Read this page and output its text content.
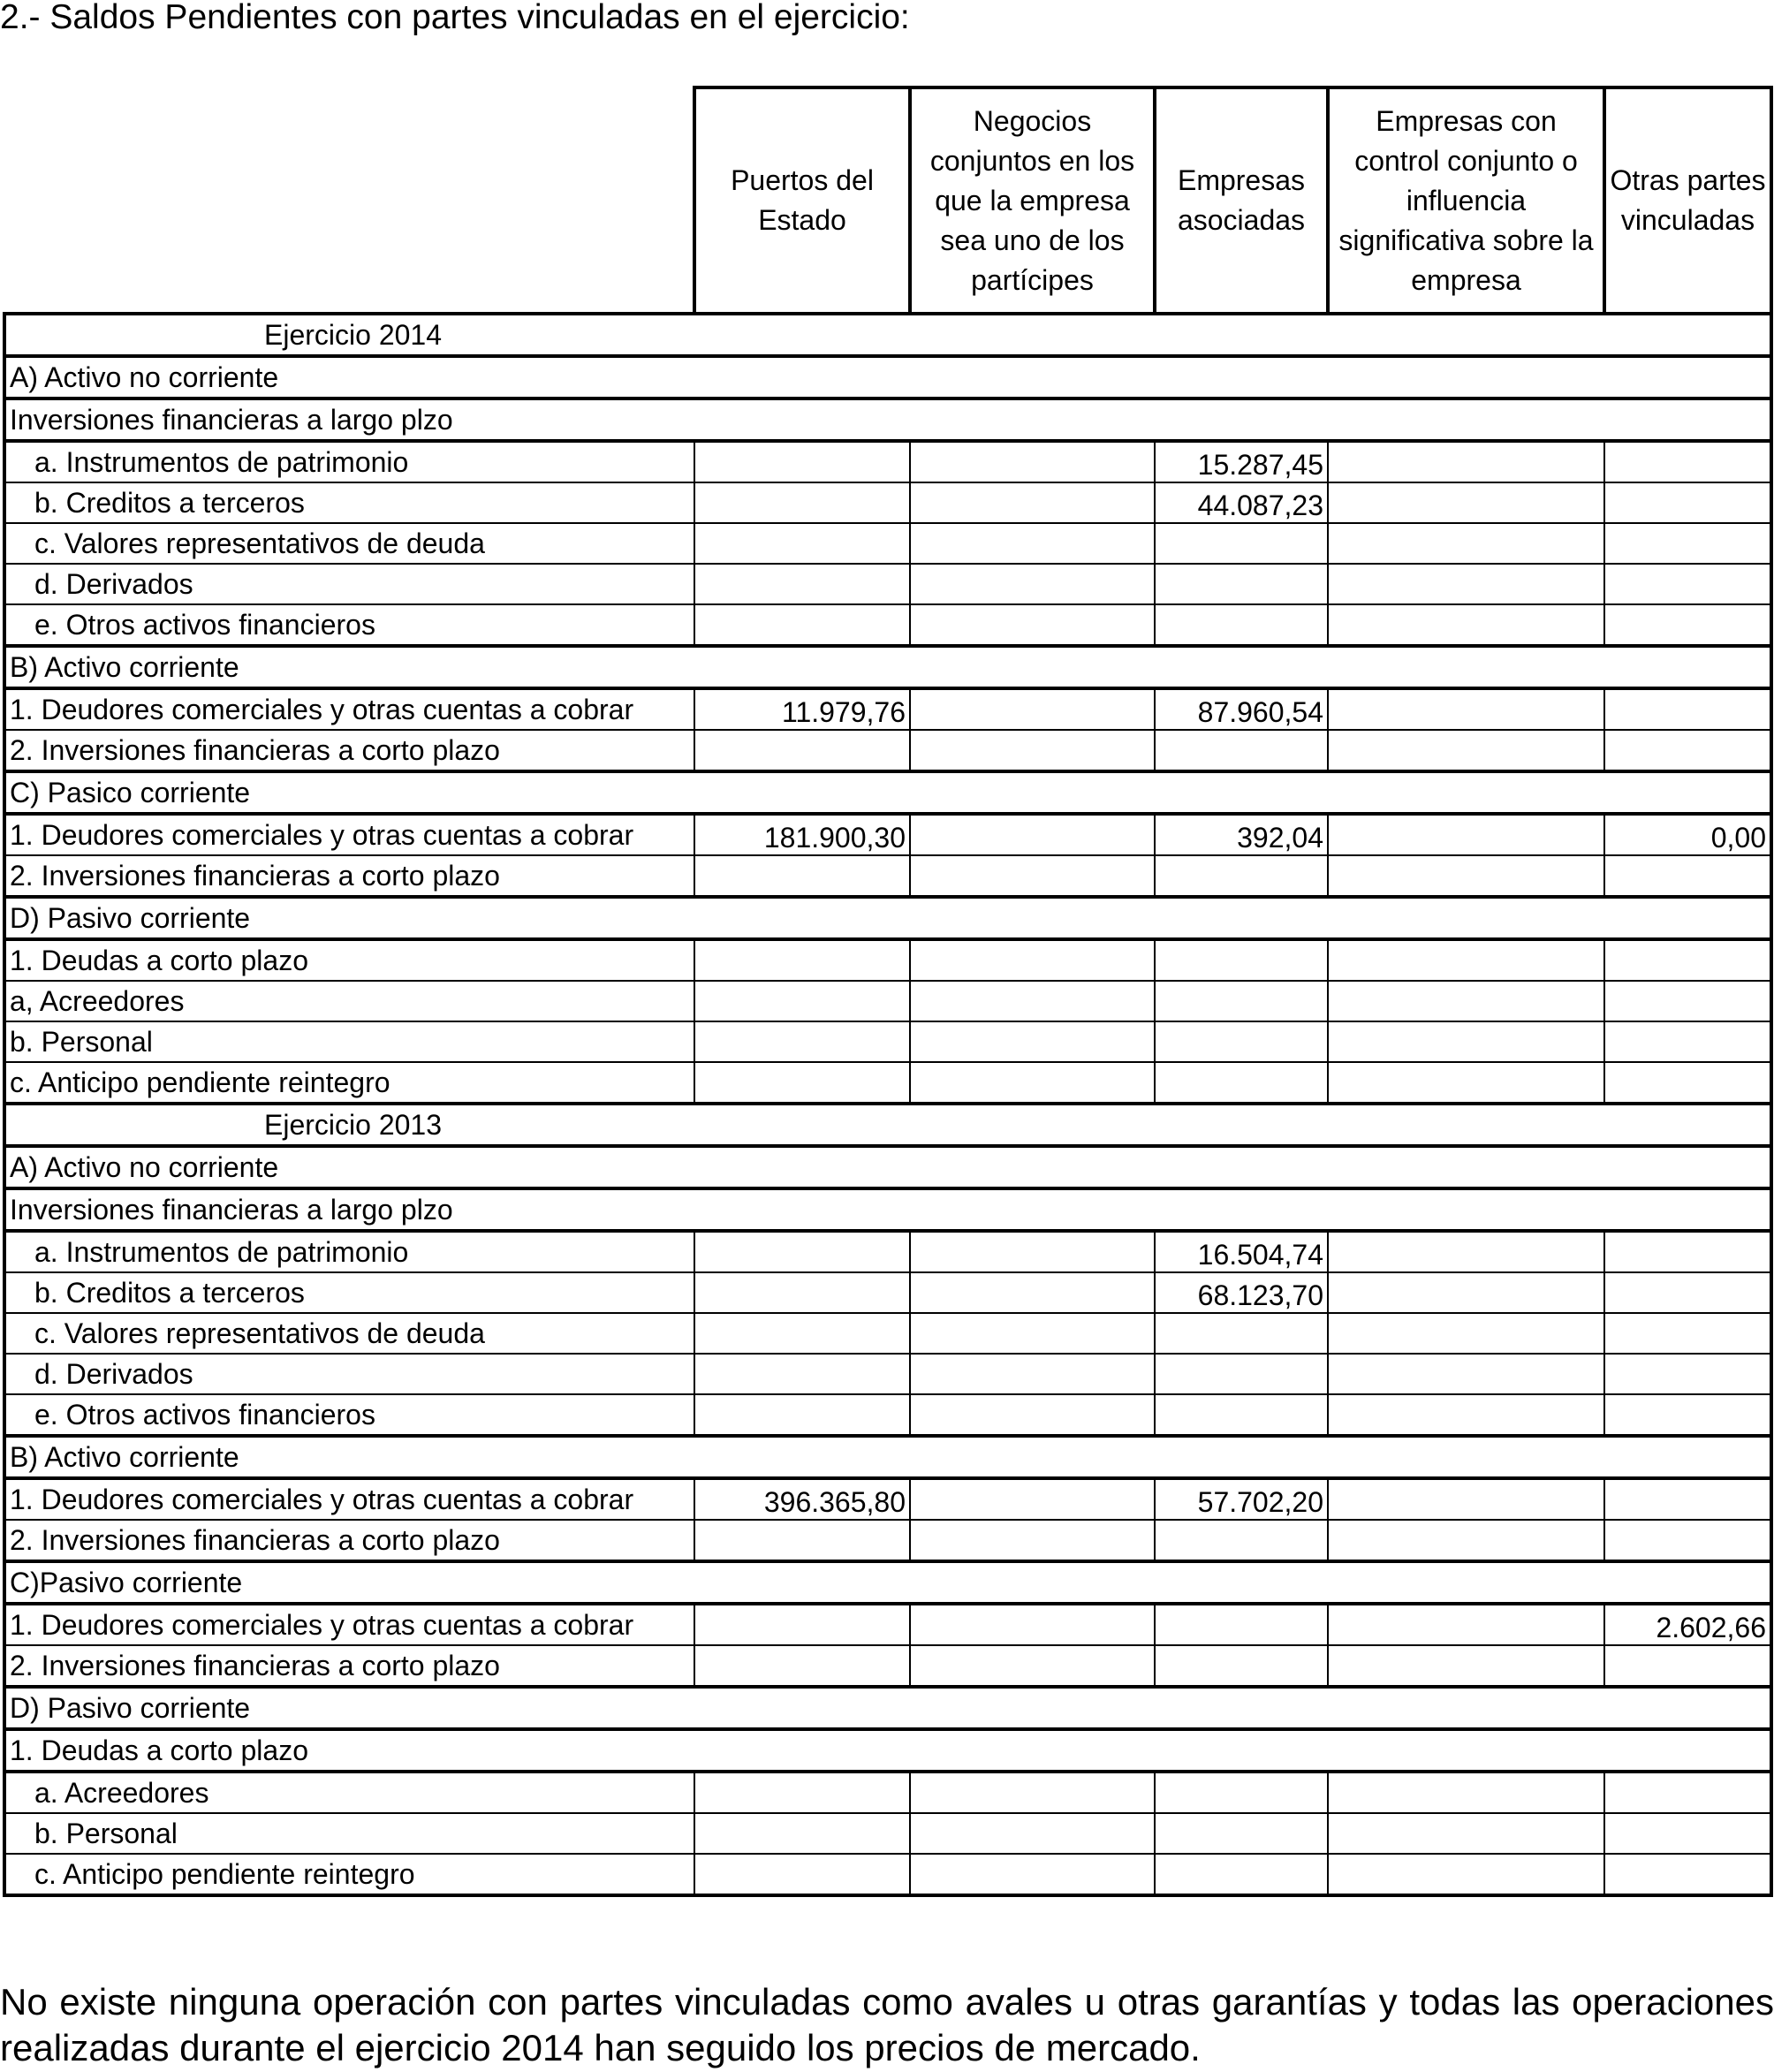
2.- Saldos Pendientes con partes vinculadas en el ejercicio:
	Puertos del Estado	Negocios conjuntos en los que la empresa sea uno de los partícipes	Empresas asociadas	Empresas con control conjunto o influencia significativa sobre la empresa	Otras partes vinculadas
Ejercicio 2014					
A) Activo no corriente					
Inversiones financieras a largo plzo					
a. Instrumentos de patrimonio			15.287,45		
b. Creditos a terceros			44.087,23		
c. Valores representativos de deuda					
d. Derivados					
e. Otros activos financieros					
B) Activo corriente					
1. Deudores comerciales y otras cuentas a cobrar	11.979,76		87.960,54		
2. Inversiones financieras a corto plazo					
C) Pasico corriente					
1. Deudores comerciales y otras cuentas a cobrar	181.900,30		392,04		0,00
2. Inversiones financieras a corto plazo					
D) Pasivo corriente					
1. Deudas a corto plazo					
a, Acreedores					
b. Personal					
c. Anticipo pendiente reintegro					
Ejercicio 2013					
A) Activo no corriente					
Inversiones financieras a largo plzo					
a. Instrumentos de patrimonio			16.504,74		
b. Creditos a terceros			68.123,70		
c. Valores representativos de deuda					
d. Derivados					
e. Otros activos financieros					
B) Activo corriente					
1. Deudores comerciales y otras cuentas a cobrar	396.365,80		57.702,20		
2. Inversiones financieras a corto plazo					
C)Pasivo corriente					
1. Deudores comerciales y otras cuentas a cobrar					2.602,66
2. Inversiones financieras a corto plazo					
D) Pasivo corriente					
1. Deudas a corto plazo					
a. Acreedores					
b. Personal					
c. Anticipo pendiente reintegro					
No existe ninguna operación con partes vinculadas como avales u otras garantías y todas las operaciones realizadas durante el ejercicio 2014 han seguido los precios de mercado.
